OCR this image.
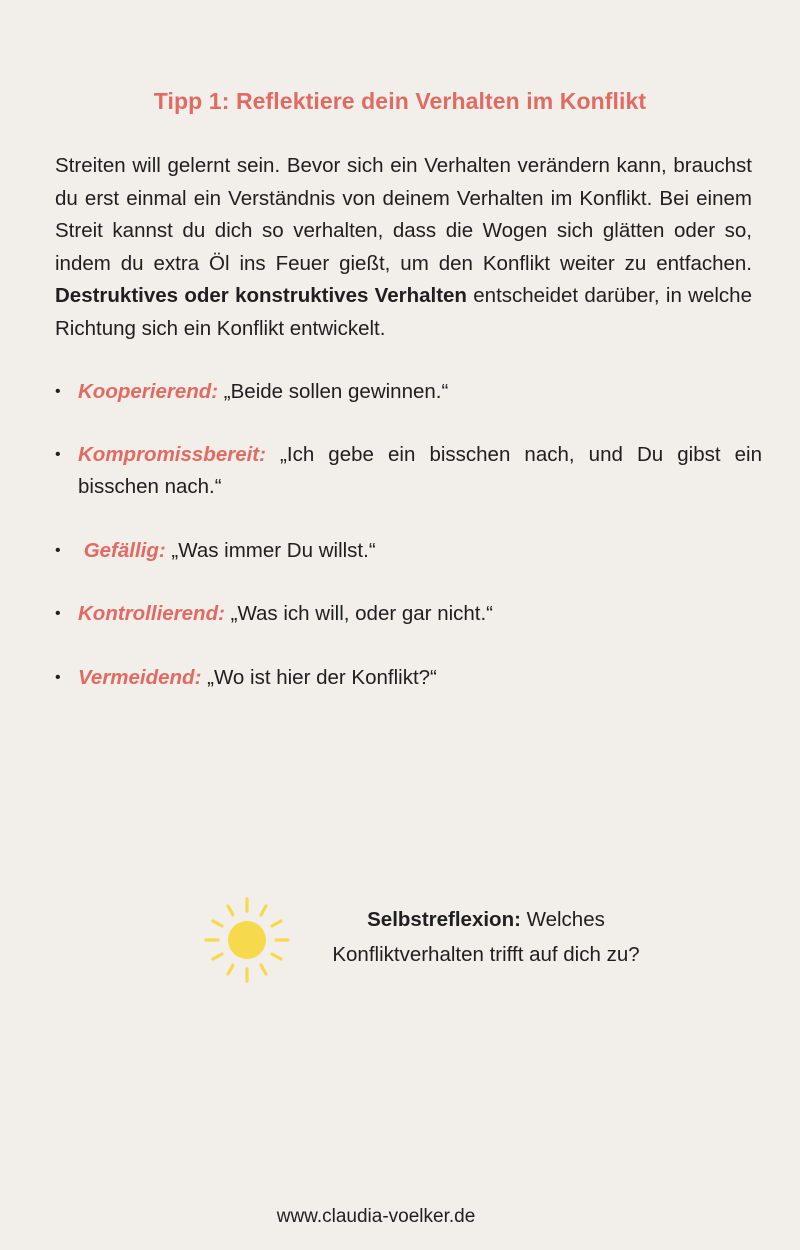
Tipp 1: Reflektiere dein Verhalten im Konflikt

Streiten will gelernt sein. Bevor sich ein Verhalten verändern kann, brauchst du erst einmal ein Verständnis von deinem Verhalten im Konflikt. Bei einem Streit kannst du dich so verhalten, dass die Wogen sich glätten oder so, indem du extra Öl ins Feuer gießt, um den Konflikt weiter zu entfachen. Destruktives oder konstruktives Verhalten entscheidet darüber, in welche Richtung sich ein Konflikt entwickelt.

• Kooperierend: „Beide sollen gewinnen.“
• Kompromissbereit: „Ich gebe ein bisschen nach, und Du gibst ein bisschen nach.“
• Gefällig: „Was immer Du willst.“
• Kontrollierend: „Was ich will, oder gar nicht.“
• Vermeidend: „Wo ist hier der Konflikt?“

Selbstreflexion: Welches
Konfliktverhalten trifft auf dich zu?

www.claudia-voelker.de
